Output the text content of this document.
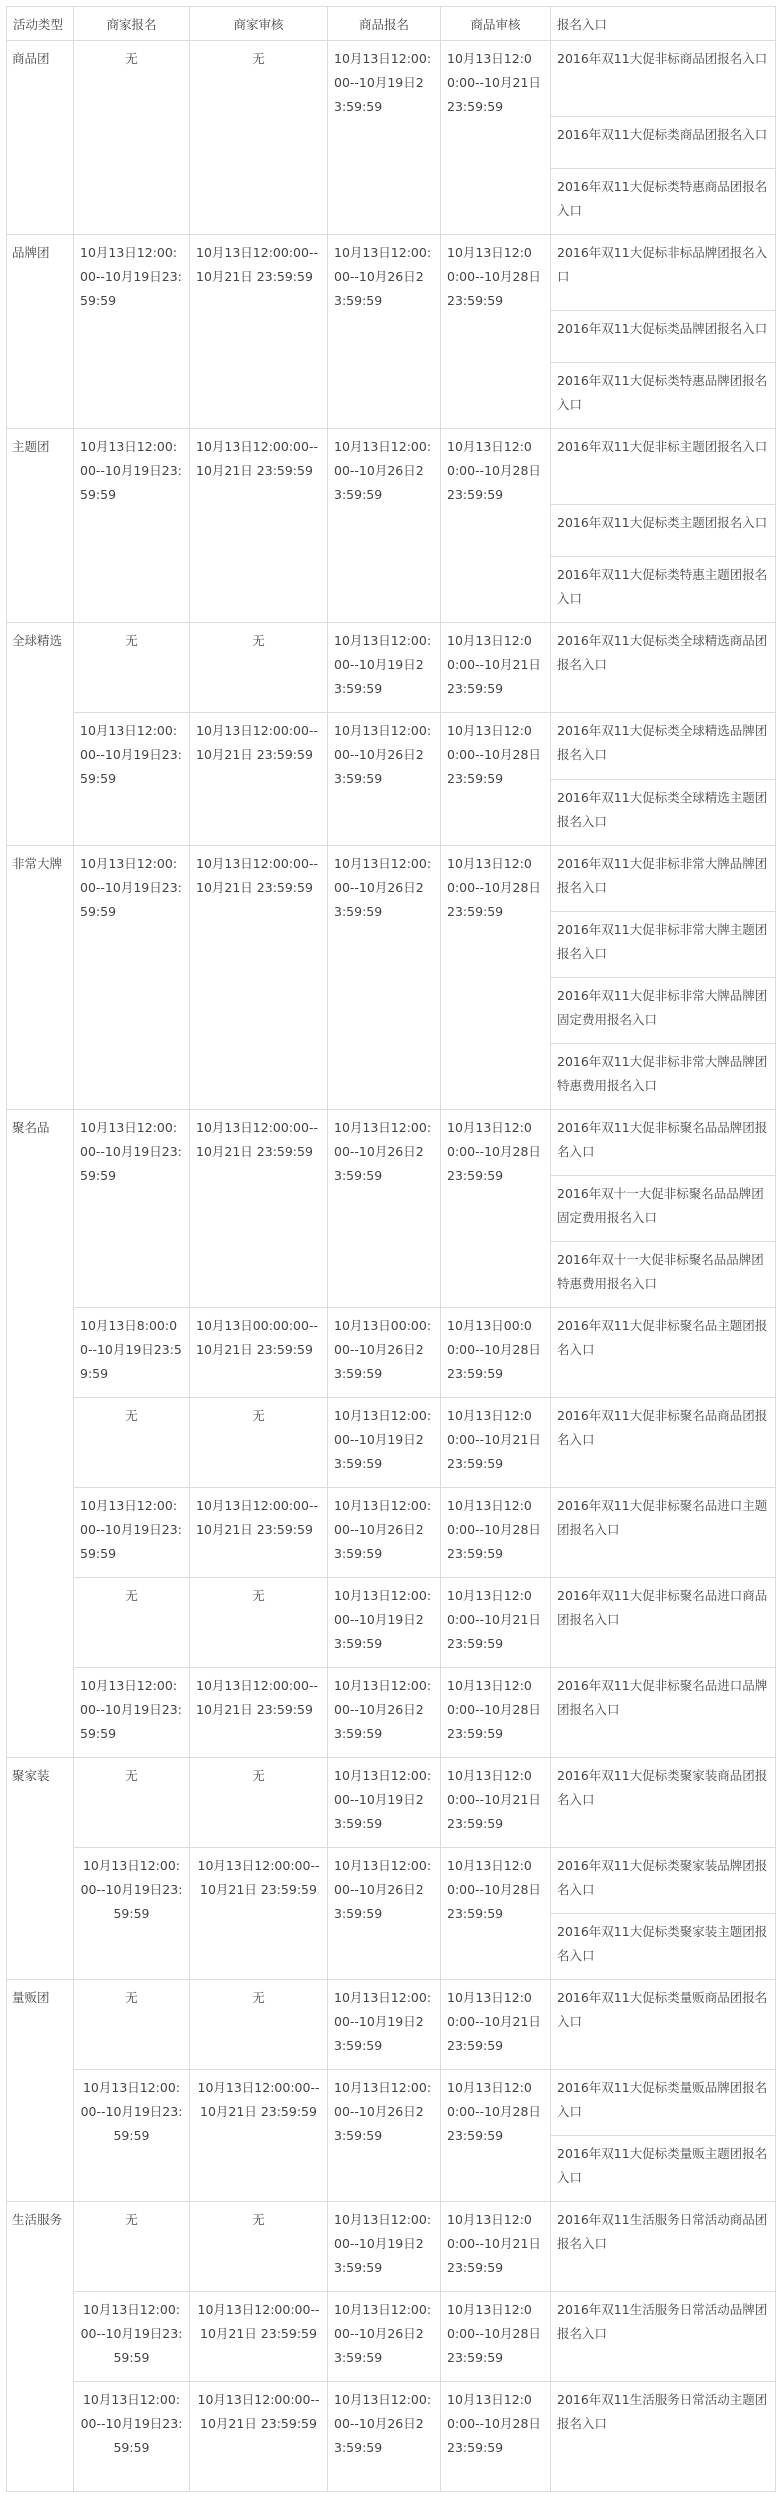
活动类型	商家报名	商家审核	商品报名	商品审核	报名入口
商品团	无	无	10月13日12:00:00--10月19日23:59:59	10月13日12:00:00--10月21日23:59:59	2016年双11大促非标商品团报名入口
					2016年双11大促标类商品团报名入口
					2016年双11大促标类特惠商品团报名入口
品牌团	10月13日12:00:00--10月19日23:59:59	10月13日12:00:00--10月21日 23:59:59	10月13日12:00:00--10月26日23:59:59	10月13日12:00:00--10月28日23:59:59	2016年双11大促标非标品牌团报名入口
					2016年双11大促标类品牌团报名入口
					2016年双11大促标类特惠品牌团报名入口
主题团	10月13日12:00:00--10月19日23:59:59	10月13日12:00:00--10月21日 23:59:59	10月13日12:00:00--10月26日23:59:59	10月13日12:00:00--10月28日23:59:59	2016年双11大促非标主题团报名入口
					2016年双11大促标类主题团报名入口
					2016年双11大促标类特惠主题团报名入口
全球精选	无	无	10月13日12:00:00--10月19日23:59:59	10月13日12:00:00--10月21日23:59:59	2016年双11大促标类全球精选商品团报名入口
	10月13日12:00:00--10月19日23:59:59	10月13日12:00:00--10月21日 23:59:59	10月13日12:00:00--10月26日23:59:59	10月13日12:00:00--10月28日23:59:59	2016年双11大促标类全球精选品牌团报名入口
					2016年双11大促标类全球精选主题团报名入口
非常大牌	10月13日12:00:00--10月19日23:59:59	10月13日12:00:00--10月21日 23:59:59	10月13日12:00:00--10月26日23:59:59	10月13日12:00:00--10月28日23:59:59	2016年双11大促非标非常大牌品牌团报名入口
					2016年双11大促非标非常大牌主题团报名入口
					2016年双11大促非标非常大牌品牌团固定费用报名入口
					2016年双11大促非标非常大牌品牌团特惠费用报名入口
聚名品	10月13日12:00:00--10月19日23:59:59	10月13日12:00:00--10月21日 23:59:59	10月13日12:00:00--10月26日23:59:59	10月13日12:00:00--10月28日23:59:59	2016年双11大促非标聚名品品牌团报名入口
					2016年双十一大促非标聚名品品牌团固定费用报名入口
					2016年双十一大促非标聚名品品牌团特惠费用报名入口
	10月13日8:00:00--10月19日23:59:59	10月13日00:00:00--10月21日 23:59:59	10月13日00:00:00--10月26日23:59:59	10月13日00:00:00--10月28日23:59:59	2016年双11大促非标聚名品主题团报名入口
	无	无	10月13日12:00:00--10月19日23:59:59	10月13日12:00:00--10月21日23:59:59	2016年双11大促非标聚名品商品团报名入口
	10月13日12:00:00--10月19日23:59:59	10月13日12:00:00--10月21日 23:59:59	10月13日12:00:00--10月26日23:59:59	10月13日12:00:00--10月28日23:59:59	2016年双11大促非标聚名品进口主题团报名入口
	无	无	10月13日12:00:00--10月19日23:59:59	10月13日12:00:00--10月21日23:59:59	2016年双11大促非标聚名品进口商品团报名入口
	10月13日12:00:00--10月19日23:59:59	10月13日12:00:00--10月21日 23:59:59	10月13日12:00:00--10月26日23:59:59	10月13日12:00:00--10月28日23:59:59	2016年双11大促非标聚名品进口品牌团报名入口
聚家装	无	无	10月13日12:00:00--10月19日23:59:59	10月13日12:00:00--10月21日23:59:59	2016年双11大促标类聚家装商品团报名入口
	10月13日12:00:00--10月19日23:59:59	10月13日12:00:00--10月21日 23:59:59	10月13日12:00:00--10月26日23:59:59	10月13日12:00:00--10月28日23:59:59	2016年双11大促标类聚家装品牌团报名入口
					2016年双11大促标类聚家装主题团报名入口
量贩团	无	无	10月13日12:00:00--10月19日23:59:59	10月13日12:00:00--10月21日23:59:59	2016年双11大促标类量贩商品团报名入口
	10月13日12:00:00--10月19日23:59:59	10月13日12:00:00--10月21日 23:59:59	10月13日12:00:00--10月26日23:59:59	10月13日12:00:00--10月28日23:59:59	2016年双11大促标类量贩品牌团报名入口
					2016年双11大促标类量贩主题团报名入口
生活服务	无	无	10月13日12:00:00--10月19日23:59:59	10月13日12:00:00--10月21日23:59:59	2016年双11生活服务日常活动商品团报名入口
	10月13日12:00:00--10月19日23:59:59	10月13日12:00:00--10月21日 23:59:59	10月13日12:00:00--10月26日23:59:59	10月13日12:00:00--10月28日23:59:59	2016年双11生活服务日常活动品牌团报名入口
	10月13日12:00:00--10月19日23:59:59	10月13日12:00:00--10月21日 23:59:59	10月13日12:00:00--10月26日23:59:59	10月13日12:00:00--10月28日23:59:59	2016年双11生活服务日常活动主题团报名入口
